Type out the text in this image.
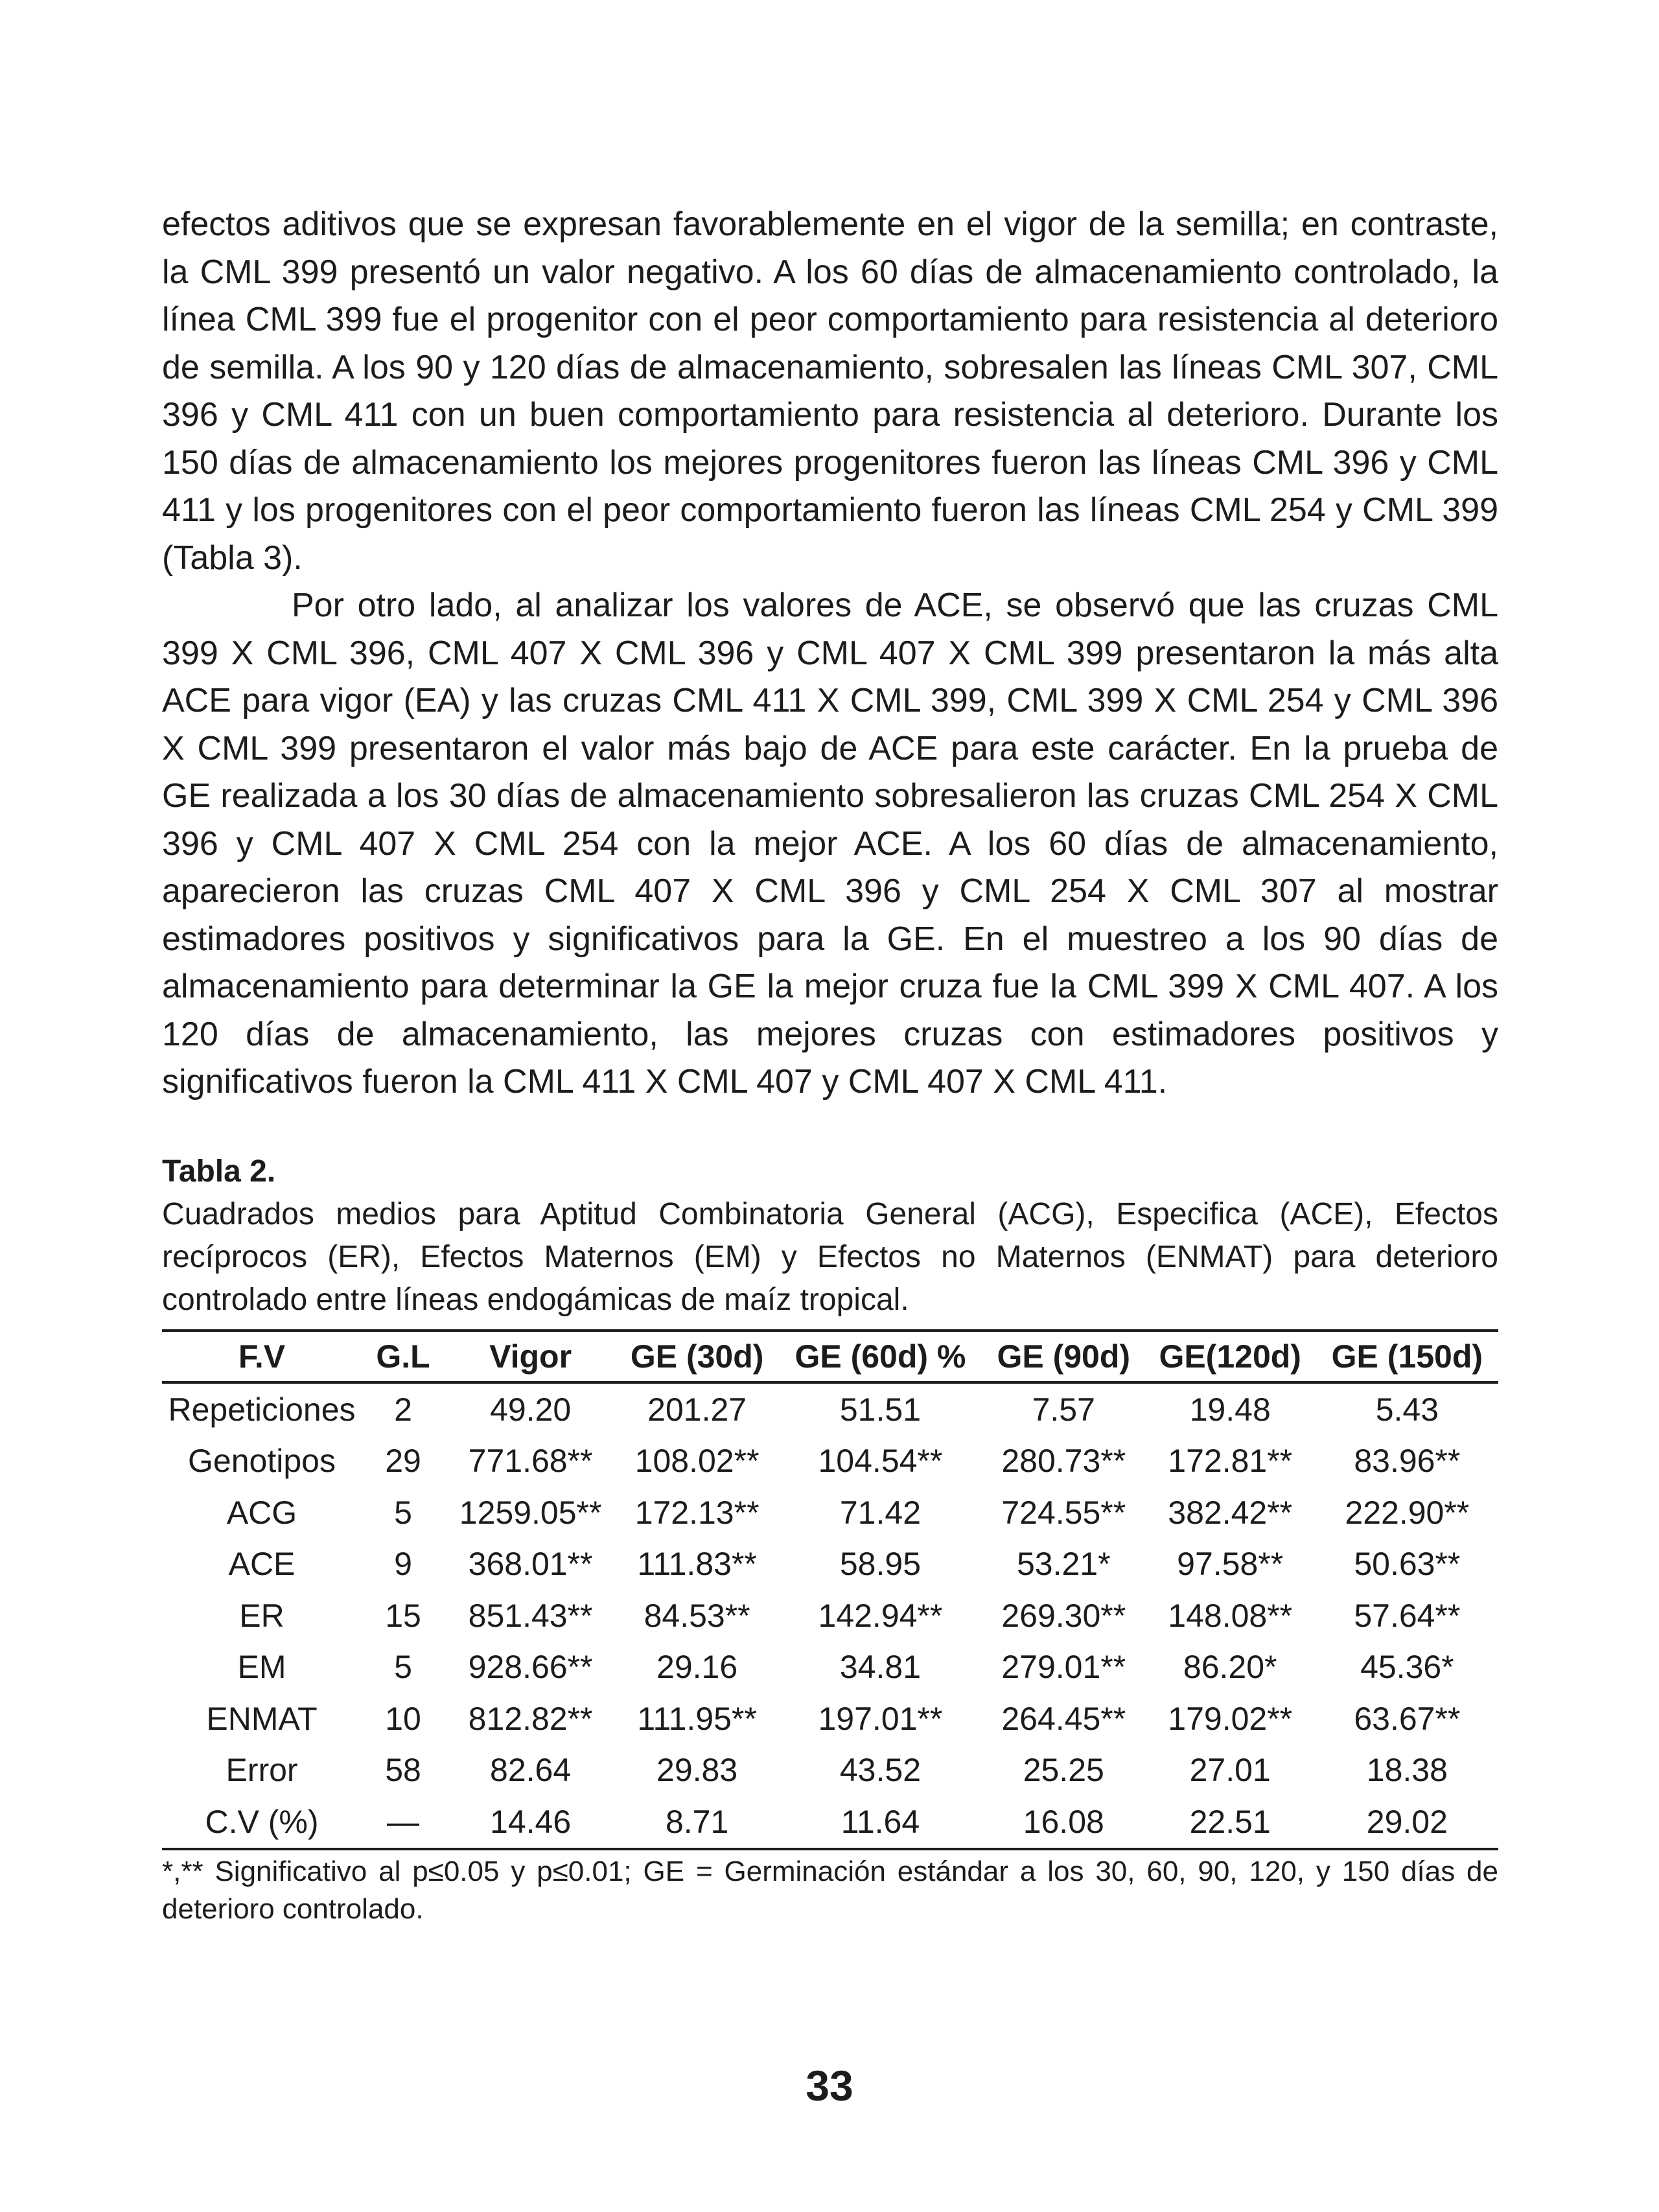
efectos aditivos que se expresan favorablemente en el vigor de la semilla; en contraste, la CML 399 presentó un valor negativo. A los 60 días de almacenamiento controlado, la línea CML 399 fue el progenitor con el peor comportamiento para resistencia al deterioro de semilla. A los 90 y 120 días de almacenamiento, sobresalen las líneas CML 307, CML 396 y CML 411 con un buen comportamiento para resistencia al deterioro. Durante los 150 días de almacenamiento los mejores progenitores fueron las líneas CML 396 y CML 411 y los progenitores con el peor comportamiento fueron las líneas CML 254 y CML 399 (Tabla 3).

Por otro lado, al analizar los valores de ACE, se observó que las cruzas CML 399 X CML 396, CML 407 X CML 396 y CML 407 X CML 399 presentaron la más alta ACE para vigor (EA) y las cruzas CML 411 X CML 399, CML 399 X CML 254 y CML 396 X CML 399 presentaron el valor más bajo de ACE para este carácter. En la prueba de GE realizada a los 30 días de almacenamiento sobresalieron las cruzas CML 254 X CML 396 y CML 407 X CML 254 con la mejor ACE. A los 60 días de almacenamiento, aparecieron las cruzas CML 407 X CML 396 y CML 254 X CML 307 al mostrar estimadores positivos y significativos para la GE. En el muestreo a los 90 días de almacenamiento para determinar la GE la mejor cruza fue la CML 399 X CML 407. A los 120 días de almacenamiento, las mejores cruzas con estimadores positivos y significativos fueron la CML 411 X CML 407 y CML 407 X CML 411.

Tabla 2.

Cuadrados medios para Aptitud Combinatoria General (ACG), Especifica (ACE), Efectos recíprocos (ER), Efectos Maternos (EM) y Efectos no Maternos (ENMAT) para deterioro controlado entre líneas endogámicas de maíz tropical.

F.V	G.L	Vigor	GE (30d)	GE (60d) %	GE (90d)	GE(120d)	GE (150d)
Repeticiones	2	49.20	201.27	51.51	7.57	19.48	5.43
Genotipos	29	771.68**	108.02**	104.54**	280.73**	172.81**	83.96**
ACG	5	1259.05**	172.13**	71.42	724.55**	382.42**	222.90**
ACE	9	368.01**	111.83**	58.95	53.21*	97.58**	50.63**
ER	15	851.43**	84.53**	142.94**	269.30**	148.08**	57.64**
EM	5	928.66**	29.16	34.81	279.01**	86.20*	45.36*
ENMAT	10	812.82**	111.95**	197.01**	264.45**	179.02**	63.67**
Error	58	82.64	29.83	43.52	25.25	27.01	18.38
C.V (%)	—	14.46	8.71	11.64	16.08	22.51	29.02

*,** Significativo al p≤0.05 y p≤0.01; GE = Germinación estándar a los 30, 60, 90, 120, y 150 días de deterioro controlado.

33
